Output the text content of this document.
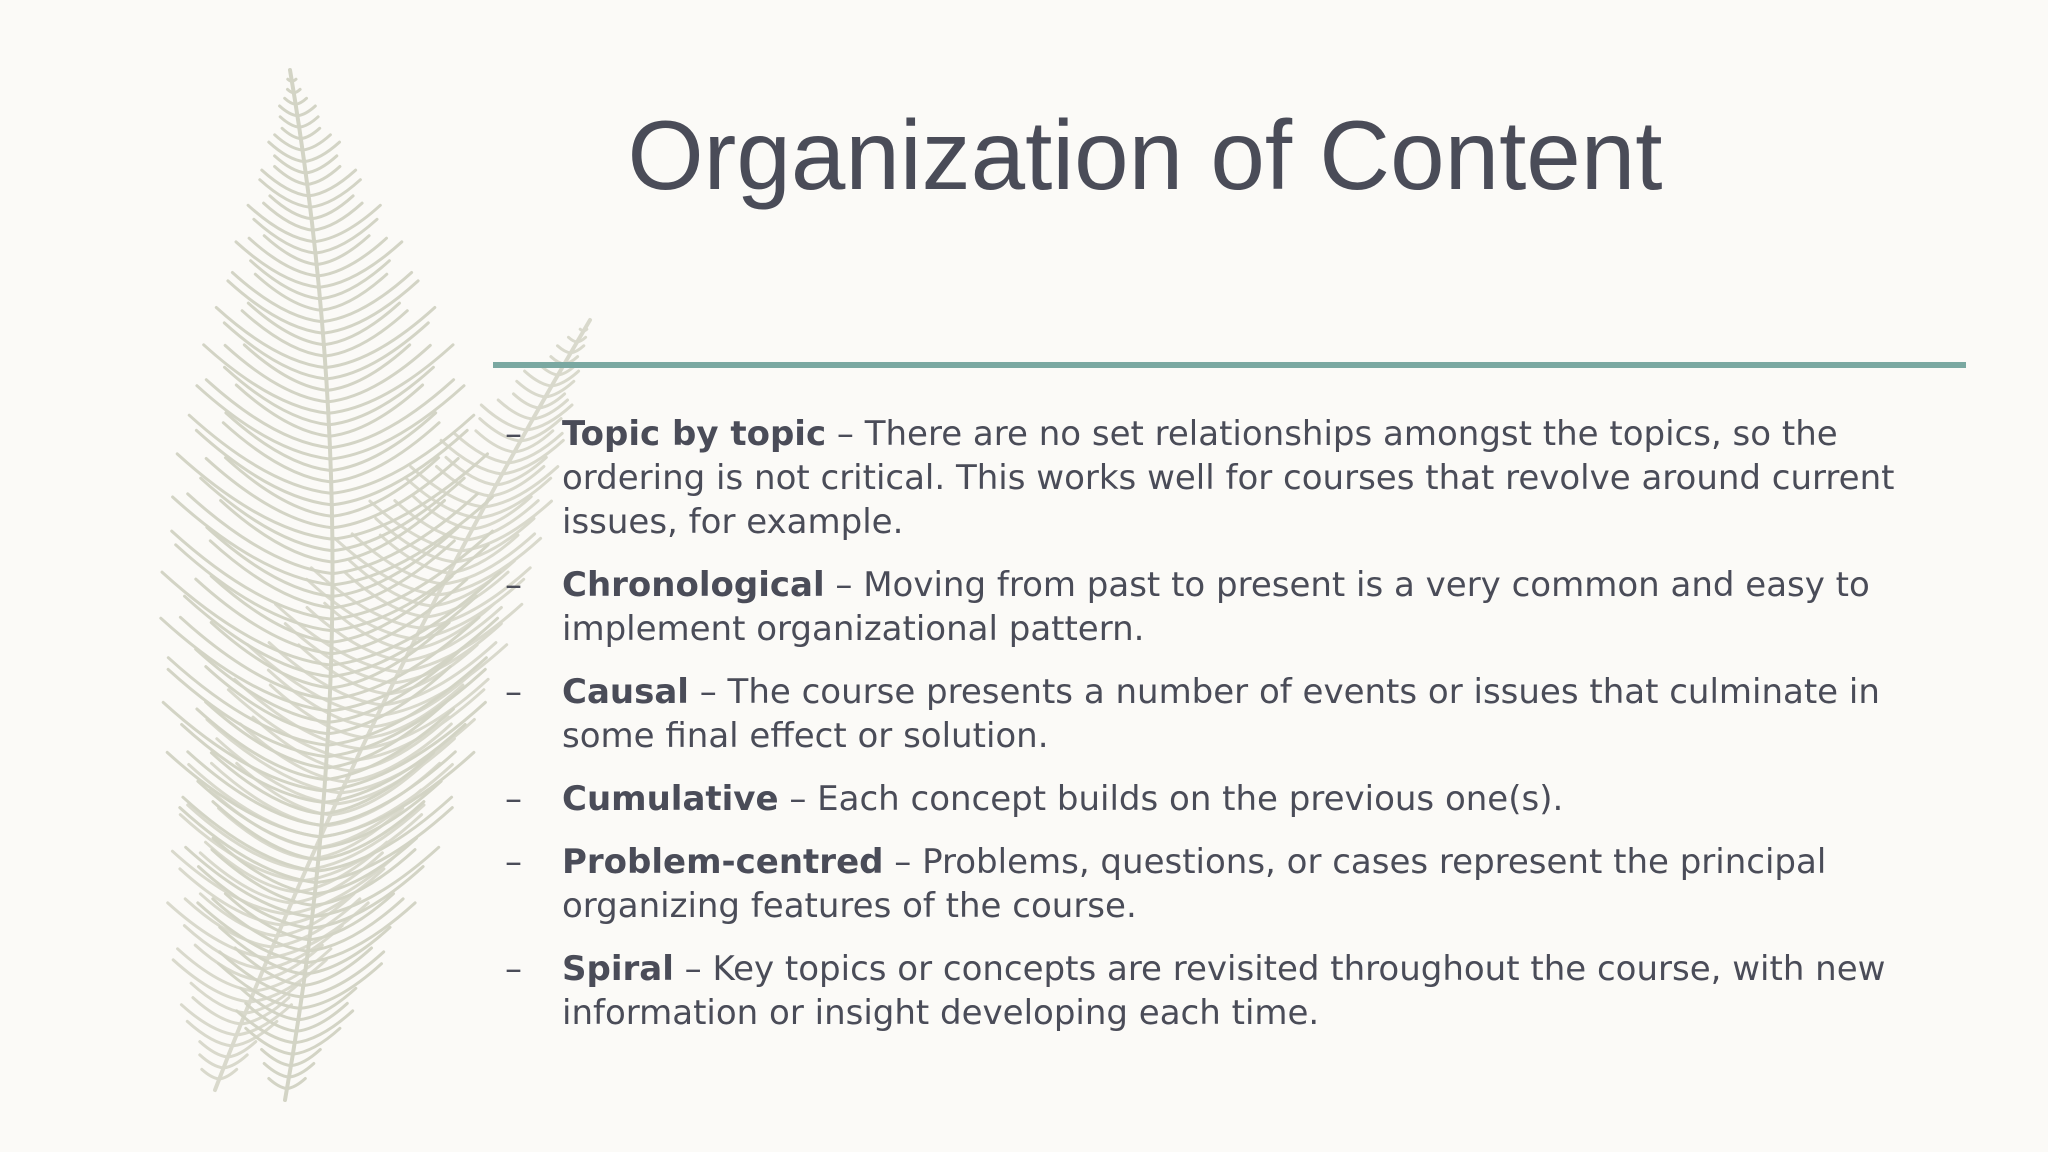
Organization of Content
–	Topic by topic – There are no set relationships amongst the topics, so the ordering is not critical. This works well for courses that revolve around current issues, for example.
–	Chronological – Moving from past to present is a very common and easy to implement organizational pattern.
–	Causal – The course presents a number of events or issues that culminate in some final effect or solution.
–	Cumulative – Each concept builds on the previous one(s).
–	Problem-centred – Problems, questions, or cases represent the principal organizing features of the course.
–	Spiral – Key topics or concepts are revisited throughout the course, with new information or insight developing each time.
